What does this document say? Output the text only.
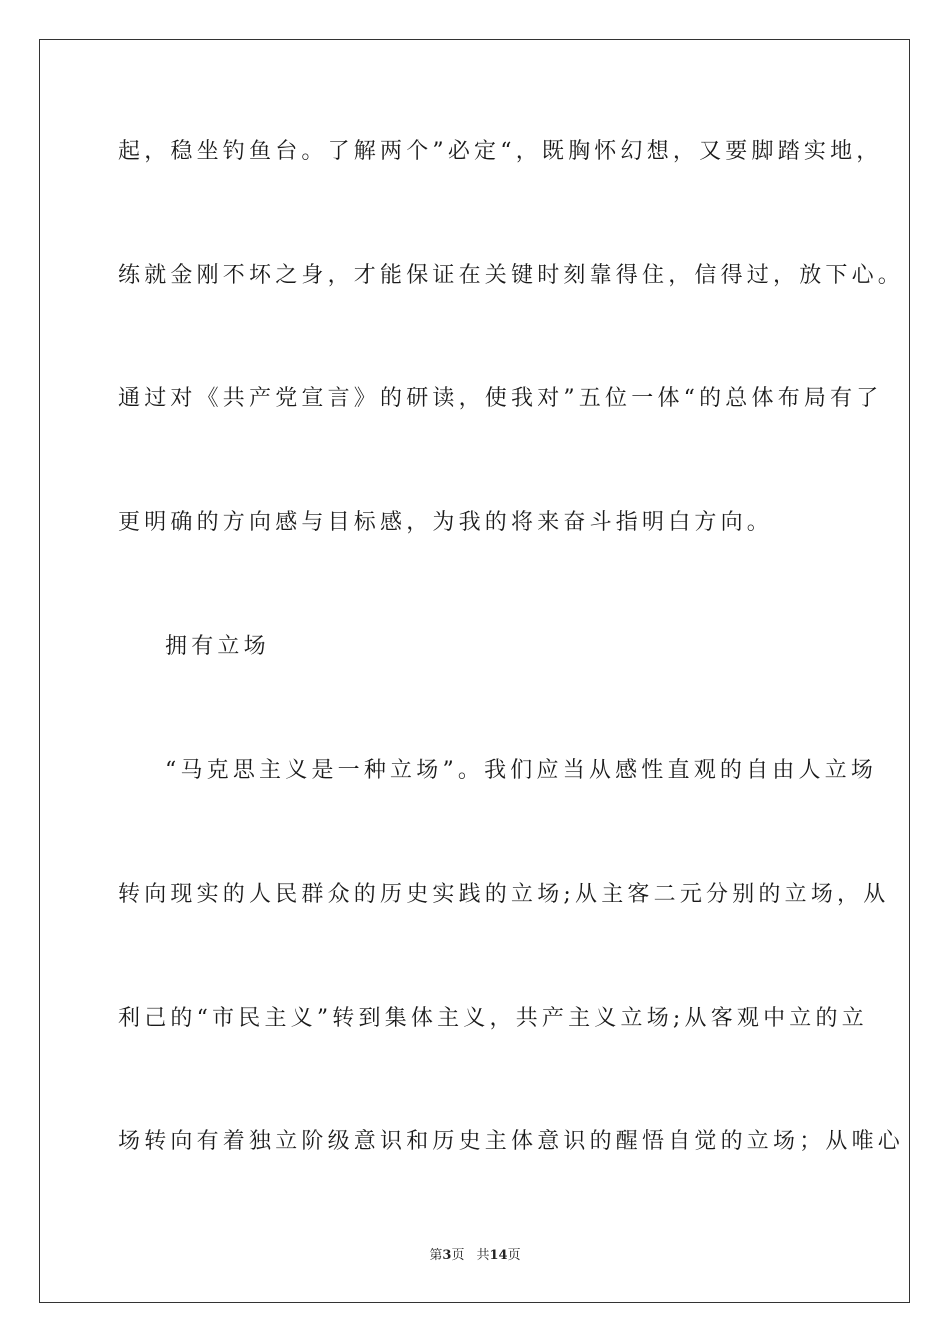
起，稳坐钓鱼台。了解两个”必定“，既胸怀幻想，又要脚踏实地，
练就金刚不坏之身，才能保证在关键时刻靠得住，信得过，放下心。
通过对《共产党宣言》的研读，使我对”五位一体“的总体布局有了
更明确的方向感与目标感，为我的将来奋斗指明白方向。
拥有立场
“马克思主义是一种立场”。我们应当从感性直观的自由人立场
转向现实的人民群众的历史实践的立场;从主客二元分别的立场，从
利己的“市民主义”转到集体主义，共产主义立场;从客观中立的立
场转向有着独立阶级意识和历史主体意识的醒悟自觉的立场；从唯心
第3页 共14页
